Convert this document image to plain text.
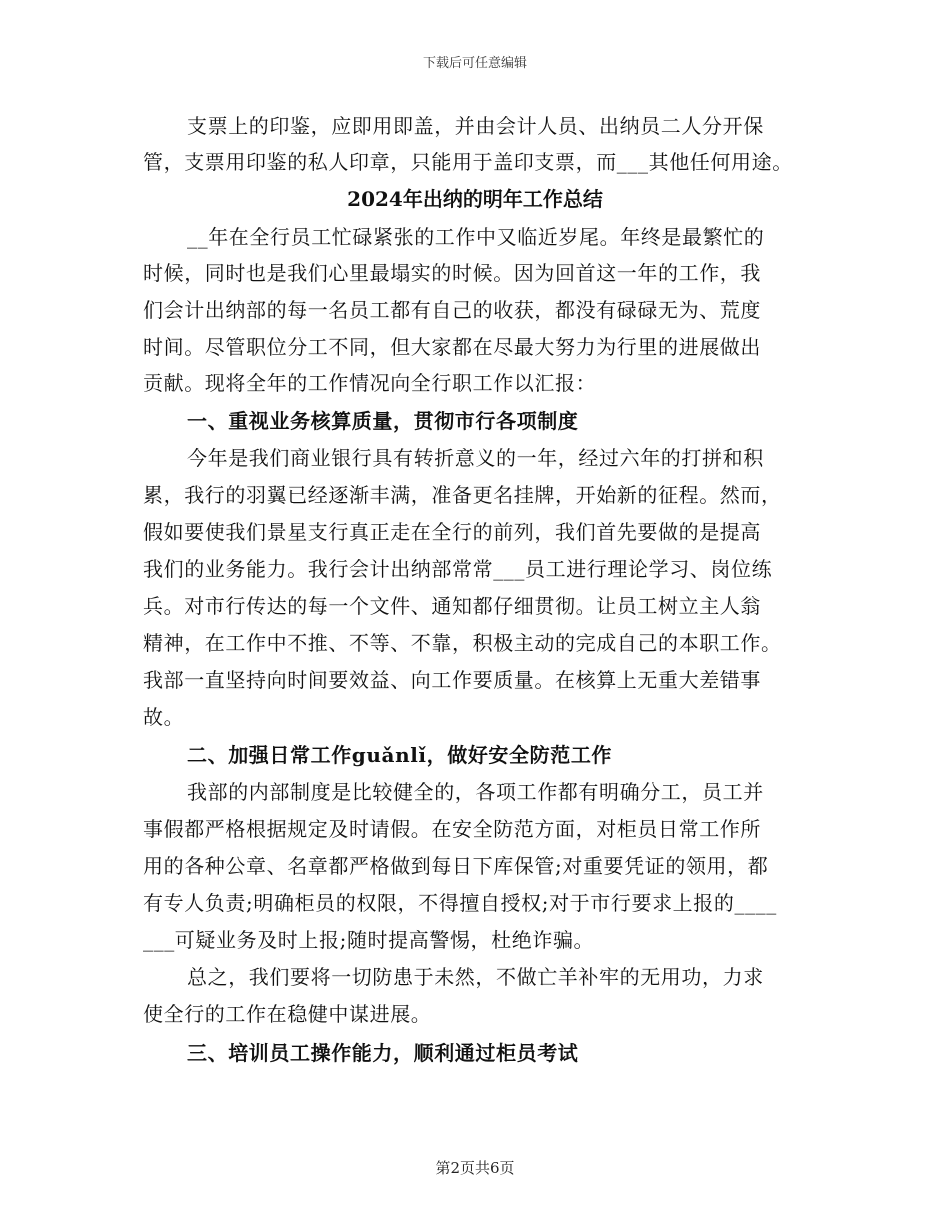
下载后可任意编辑
支票上的印鉴，应即用即盖，并由会计人员、出纳员二人分开保
管，支票用印鉴的私人印章，只能用于盖印支票，而___其他任何用途。
2024年出纳的明年工作总结
__年在全行员工忙碌紧张的工作中又临近岁尾。年终是最繁忙的
时候，同时也是我们心里最塌实的时候。因为回首这一年的工作，我
们会计出纳部的每一名员工都有自己的收获，都没有碌碌无为、荒度
时间。尽管职位分工不同，但大家都在尽最大努力为行里的进展做出
贡献。现将全年的工作情况向全行职工作以汇报：
一、重视业务核算质量，贯彻市行各项制度
今年是我们商业银行具有转折意义的一年，经过六年的打拼和积
累，我行的羽翼已经逐渐丰满，准备更名挂牌，开始新的征程。然而，
假如要使我们景星支行真正走在全行的前列，我们首先要做的是提高
我们的业务能力。我行会计出纳部常常___员工进行理论学习、岗位练
兵。对市行传达的每一个文件、通知都仔细贯彻。让员工树立主人翁
精神，在工作中不推、不等、不靠，积极主动的完成自己的本职工作。
我部一直坚持向时间要效益、向工作要质量。在核算上无重大差错事
故。
二、加强日常工作guǎnlǐ，做好安全防范工作
我部的内部制度是比较健全的，各项工作都有明确分工，员工并
事假都严格根据规定及时请假。在安全防范方面，对柜员日常工作所
用的各种公章、名章都严格做到每日下库保管;对重要凭证的领用，都
有专人负责;明确柜员的权限，不得擅自授权;对于市行要求上报的____
___可疑业务及时上报;随时提高警惕，杜绝诈骗。
总之，我们要将一切防患于未然，不做亡羊补牢的无用功，力求
使全行的工作在稳健中谋进展。
三、培训员工操作能力，顺利通过柜员考试
第2页共6页
